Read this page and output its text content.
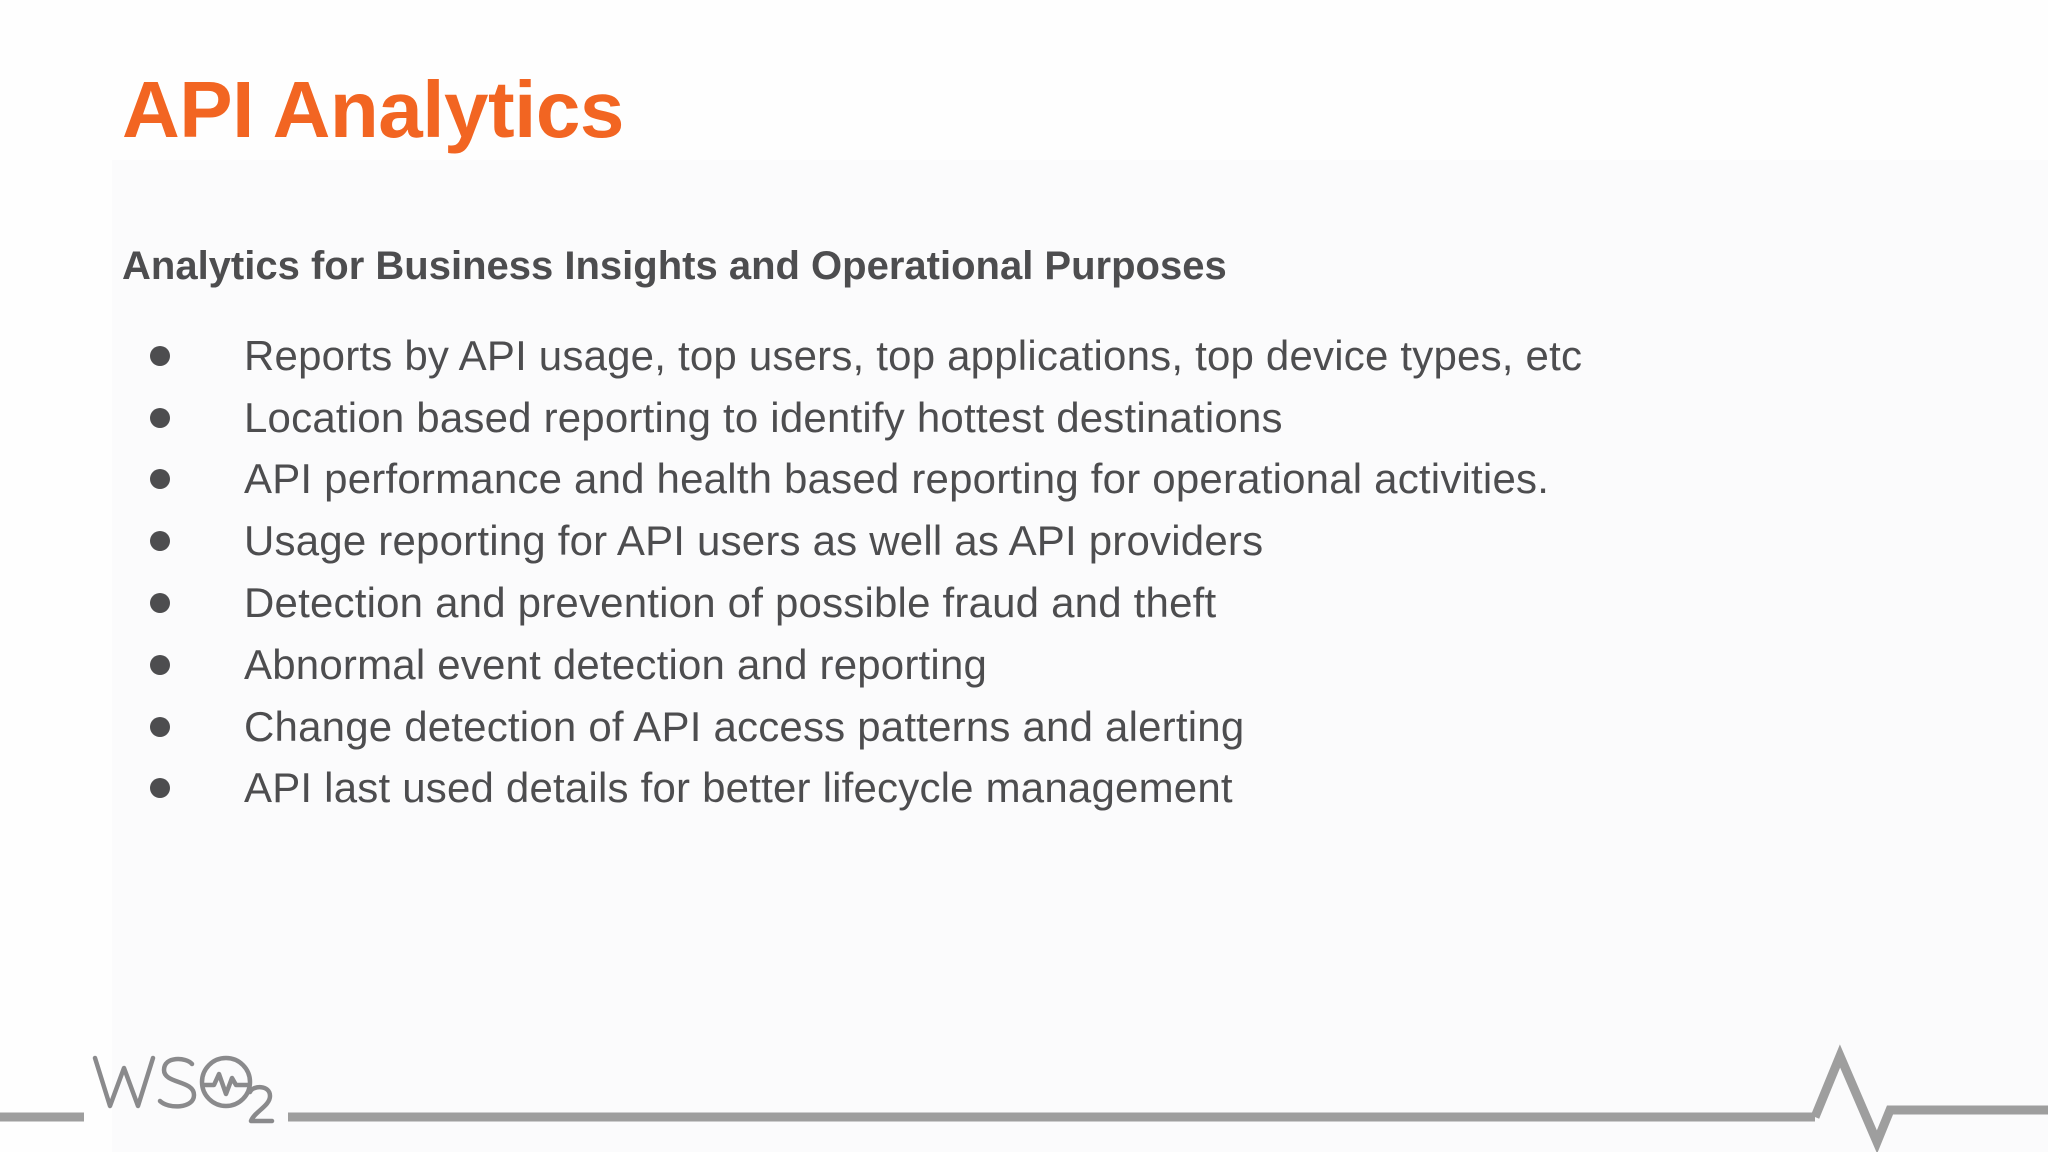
API Analytics
Analytics for Business Insights and Operational Purposes
Reports by API usage, top users, top applications, top device types, etc
Location based reporting to identify hottest destinations
API performance and health based reporting for operational activities.
Usage reporting for API users as well as API providers
Detection and prevention of possible fraud and theft
Abnormal event detection and reporting
Change detection of API access patterns and alerting
API last used details for better lifecycle management
